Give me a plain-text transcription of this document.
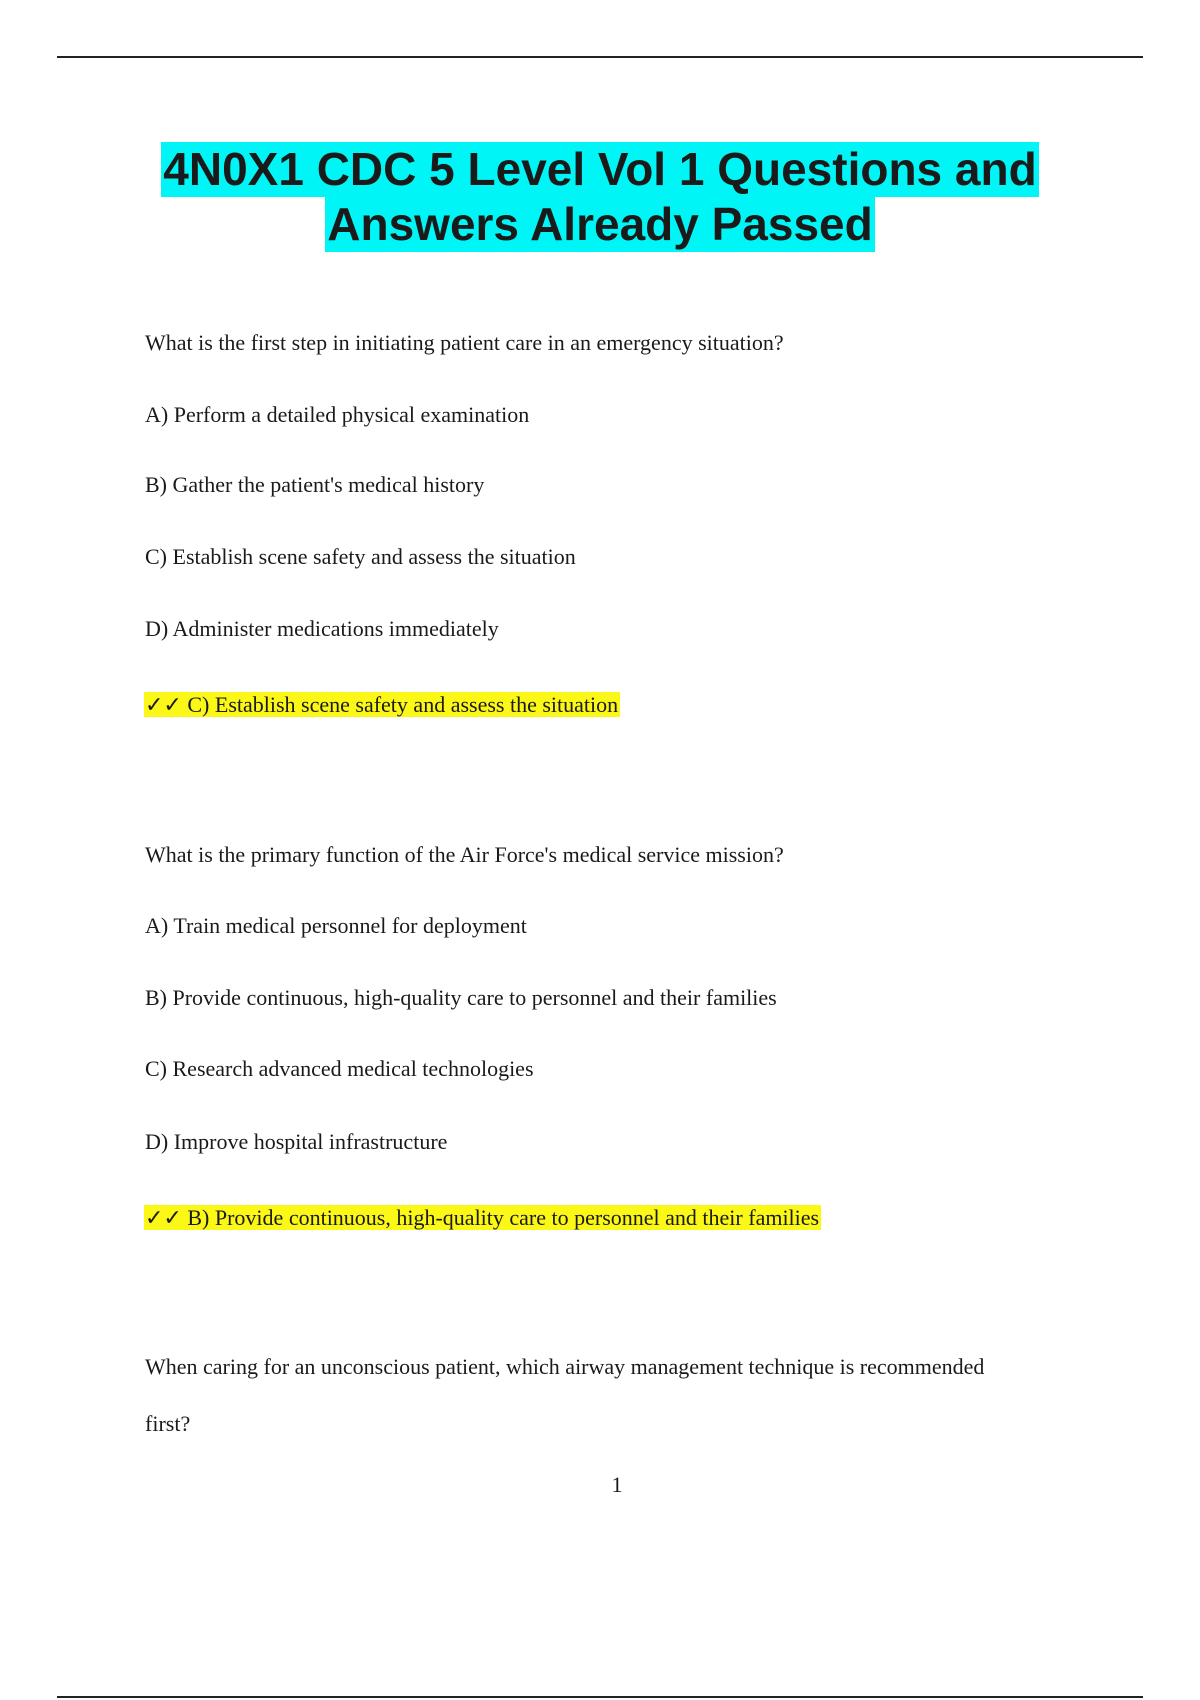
4N0X1 CDC 5 Level Vol 1 Questions and
Answers Already Passed
What is the first step in initiating patient care in an emergency situation?
A) Perform a detailed physical examination
B) Gather the patient's medical history
C) Establish scene safety and assess the situation
D) Administer medications immediately
✓✓ C) Establish scene safety and assess the situation
What is the primary function of the Air Force's medical service mission?
A) Train medical personnel for deployment
B) Provide continuous, high-quality care to personnel and their families
C) Research advanced medical technologies
D) Improve hospital infrastructure
✓✓ B) Provide continuous, high-quality care to personnel and their families
When caring for an unconscious patient, which airway management technique is recommended
first?
1
